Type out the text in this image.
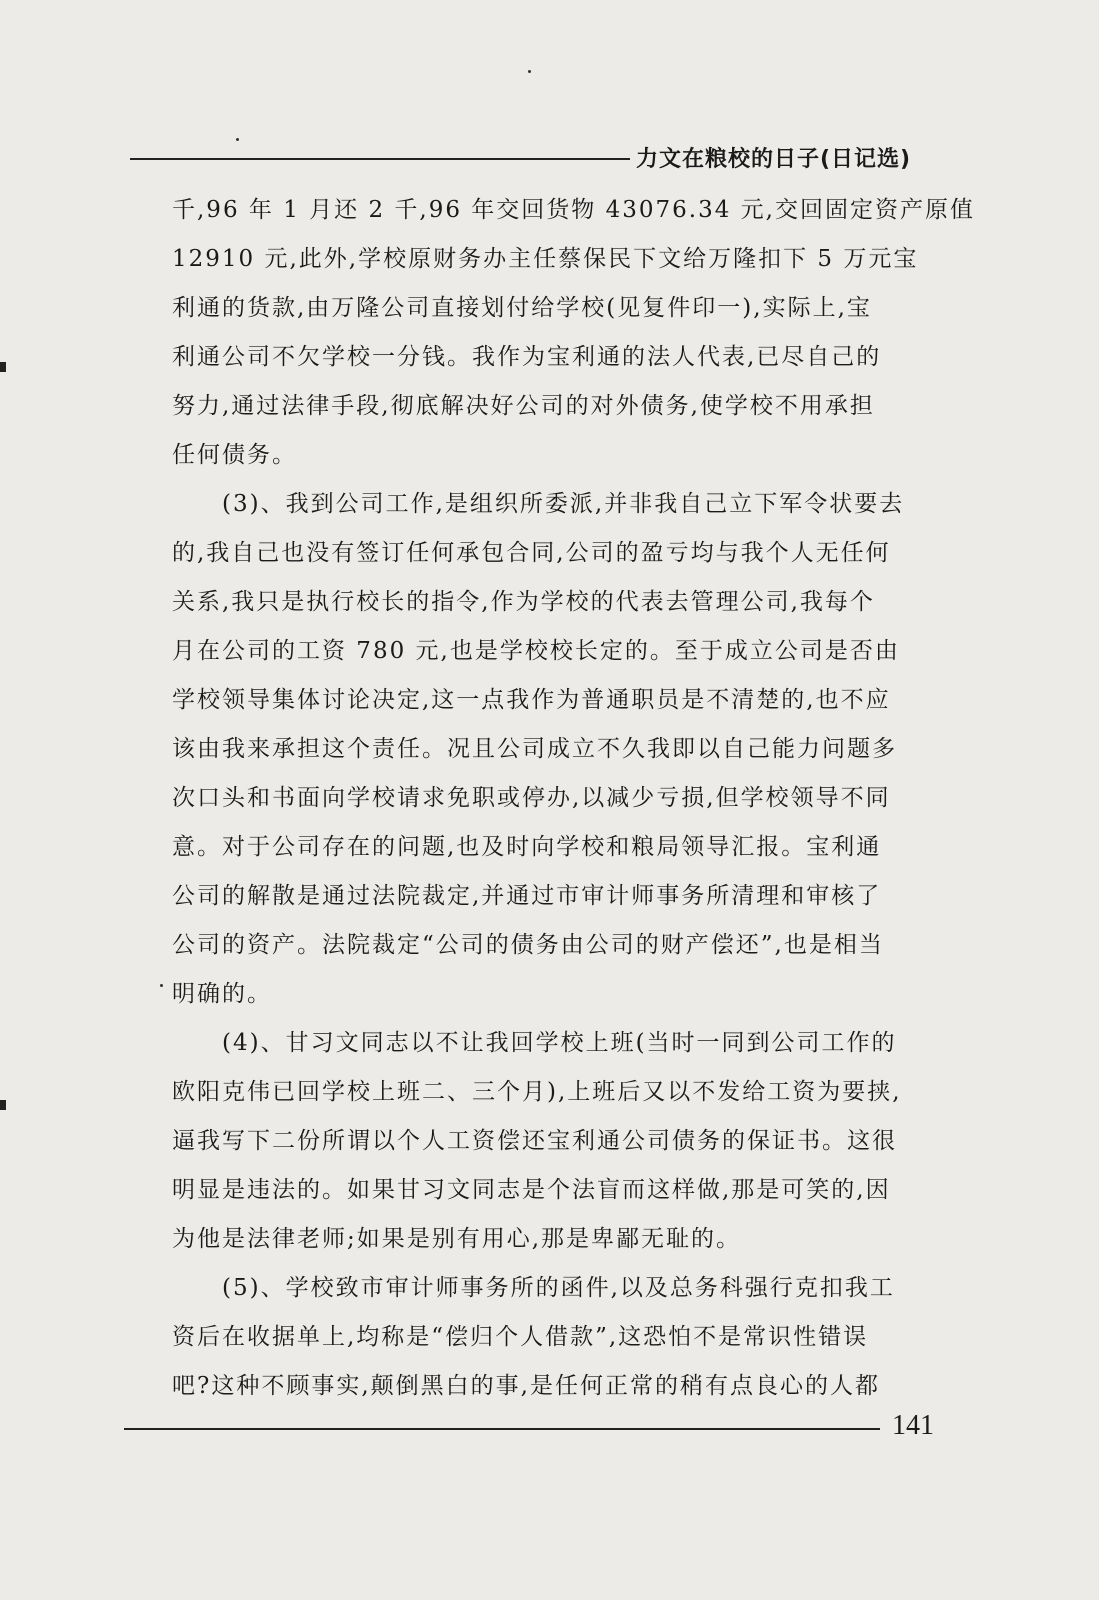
力文在粮校的日子(日记选)
千,96 年 1 月还 2 千,96 年交回货物 43076.34 元,交回固定资产原值
12910 元,此外,学校原财务办主任蔡保民下文给万隆扣下 5 万元宝
利通的货款,由万隆公司直接划付给学校(见复件印一),实际上,宝
利通公司不欠学校一分钱。我作为宝利通的法人代表,已尽自己的
努力,通过法律手段,彻底解决好公司的对外债务,使学校不用承担
任何债务。
(3)、我到公司工作,是组织所委派,并非我自己立下军令状要去
的,我自己也没有签订任何承包合同,公司的盈亏均与我个人无任何
关系,我只是执行校长的指令,作为学校的代表去管理公司,我每个
月在公司的工资 780 元,也是学校校长定的。至于成立公司是否由
学校领导集体讨论决定,这一点我作为普通职员是不清楚的,也不应
该由我来承担这个责任。况且公司成立不久我即以自己能力问题多
次口头和书面向学校请求免职或停办,以减少亏损,但学校领导不同
意。对于公司存在的问题,也及时向学校和粮局领导汇报。宝利通
公司的解散是通过法院裁定,并通过市审计师事务所清理和审核了
公司的资产。法院裁定“公司的债务由公司的财产偿还”,也是相当
明确的。
(4)、甘习文同志以不让我回学校上班(当时一同到公司工作的
欧阳克伟已回学校上班二、三个月),上班后又以不发给工资为要挟,
逼我写下二份所谓以个人工资偿还宝利通公司债务的保证书。这很
明显是违法的。如果甘习文同志是个法盲而这样做,那是可笑的,因
为他是法律老师;如果是别有用心,那是卑鄙无耻的。
(5)、学校致市审计师事务所的函件,以及总务科强行克扣我工
资后在收据单上,均称是“偿归个人借款”,这恐怕不是常识性错误
吧?这种不顾事实,颠倒黑白的事,是任何正常的稍有点良心的人都
141
